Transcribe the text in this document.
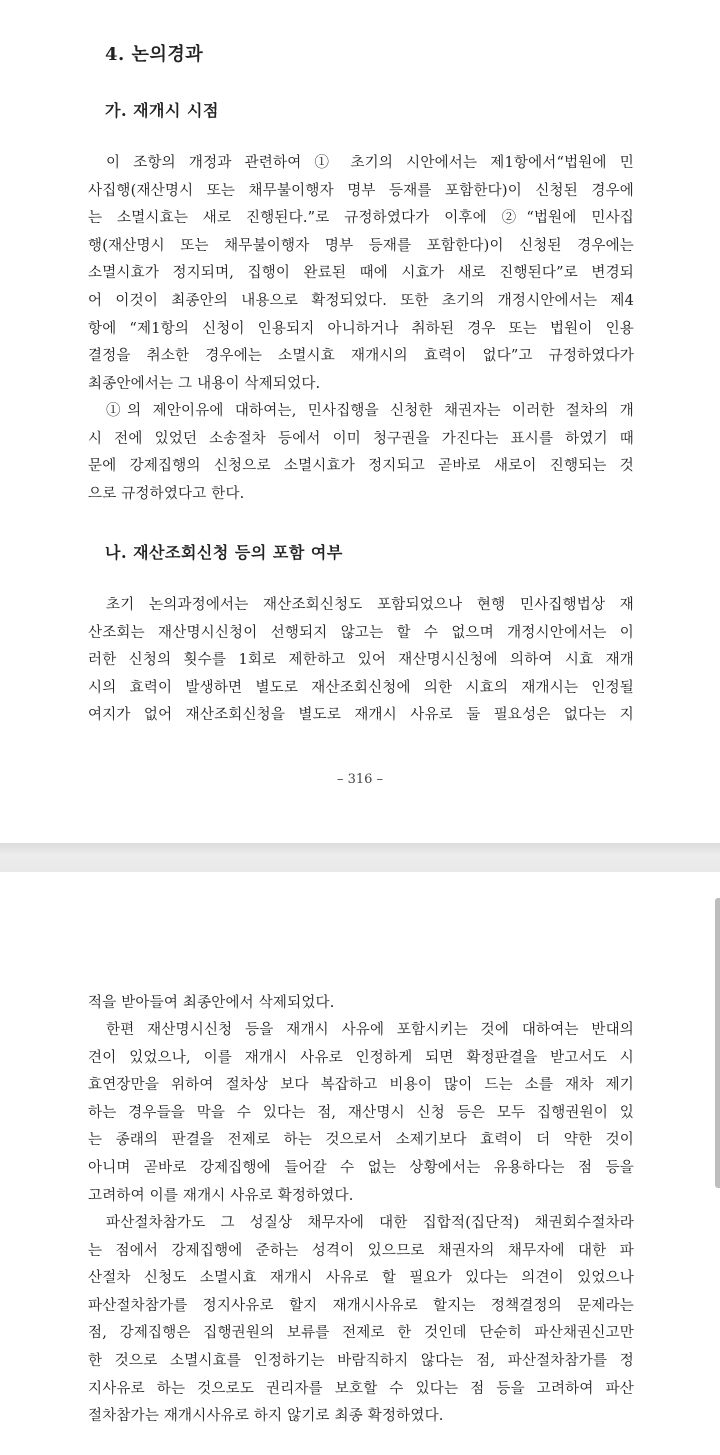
4. 논의경과
가. 재개시 시점

이 조항의 개정과 관련하여 ① 초기의 시안에서는 제1항에서“법원에 민
사집행(재산명시 또는 채무불이행자 명부 등재를 포함한다)이 신청된 경우에
는 소멸시효는 새로 진행된다.”로 규정하였다가 이후에 ②“법원에 민사집
행(재산명시 또는 채무불이행자 명부 등재를 포함한다)이 신청된 경우에는
소멸시효가 정지되며, 집행이 완료된 때에 시효가 새로 진행된다”로 변경되
어 이것이 최종안의 내용으로 확정되었다. 또한 초기의 개정시안에서는 제4
항에 “제1항의 신청이 인용되지 아니하거나 취하된 경우 또는 법원이 인용
결정을 취소한 경우에는 소멸시효 재개시의 효력이 없다”고 규정하였다가
최종안에서는 그 내용이 삭제되었다.

①의 제안이유에 대하여는, 민사집행을 신청한 채권자는 이러한 절차의 개
시 전에 있었던 소송절차 등에서 이미 청구권을 가진다는 표시를 하였기 때
문에 강제집행의 신청으로 소멸시효가 정지되고 곧바로 새로이 진행되는 것
으로 규정하였다고 한다.

나. 재산조회신청 등의 포함 여부

초기 논의과정에서는 재산조회신청도 포함되었으나 현행 민사집행법상 재
산조회는 재산명시신청이 선행되지 않고는 할 수 없으며 개정시안에서는 이
러한 신청의 횟수를 1회로 제한하고 있어 재산명시신청에 의하여 시효 재개
시의 효력이 발생하면 별도로 재산조회신청에 의한 시효의 재개시는 인정될
여지가 없어 재산조회신청을 별도로 재개시 사유로 둘 필요성은 없다는 지

– 316 –

적을 받아들여 최종안에서 삭제되었다.

한편 재산명시신청 등을 재개시 사유에 포함시키는 것에 대하여는 반대의
견이 있었으나, 이를 재개시 사유로 인정하게 되면 확정판결을 받고서도 시
효연장만을 위하여 절차상 보다 복잡하고 비용이 많이 드는 소를 재차 제기
하는 경우들을 막을 수 있다는 점, 재산명시 신청 등은 모두 집행권원이 있
는 종래의 판결을 전제로 하는 것으로서 소제기보다 효력이 더 약한 것이
아니며 곧바로 강제집행에 들어갈 수 없는 상황에서는 유용하다는 점 등을
고려하여 이를 재개시 사유로 확정하였다.

파산절차참가도 그 성질상 채무자에 대한 집합적(집단적) 채권회수절차라
는 점에서 강제집행에 준하는 성격이 있으므로 채권자의 채무자에 대한 파
산절차 신청도 소멸시효 재개시 사유로 할 필요가 있다는 의견이 있었으나
파산절차참가를 정지사유로 할지 재개시사유로 할지는 정책결정의 문제라는
점, 강제집행은 집행권원의 보류를 전제로 한 것인데 단순히 파산채권신고만
한 것으로 소멸시효를 인정하기는 바람직하지 않다는 점, 파산절차참가를 정
지사유로 하는 것으로도 권리자를 보호할 수 있다는 점 등을 고려하여 파산
절차참가는 재개시사유로 하지 않기로 최종 확정하였다.
